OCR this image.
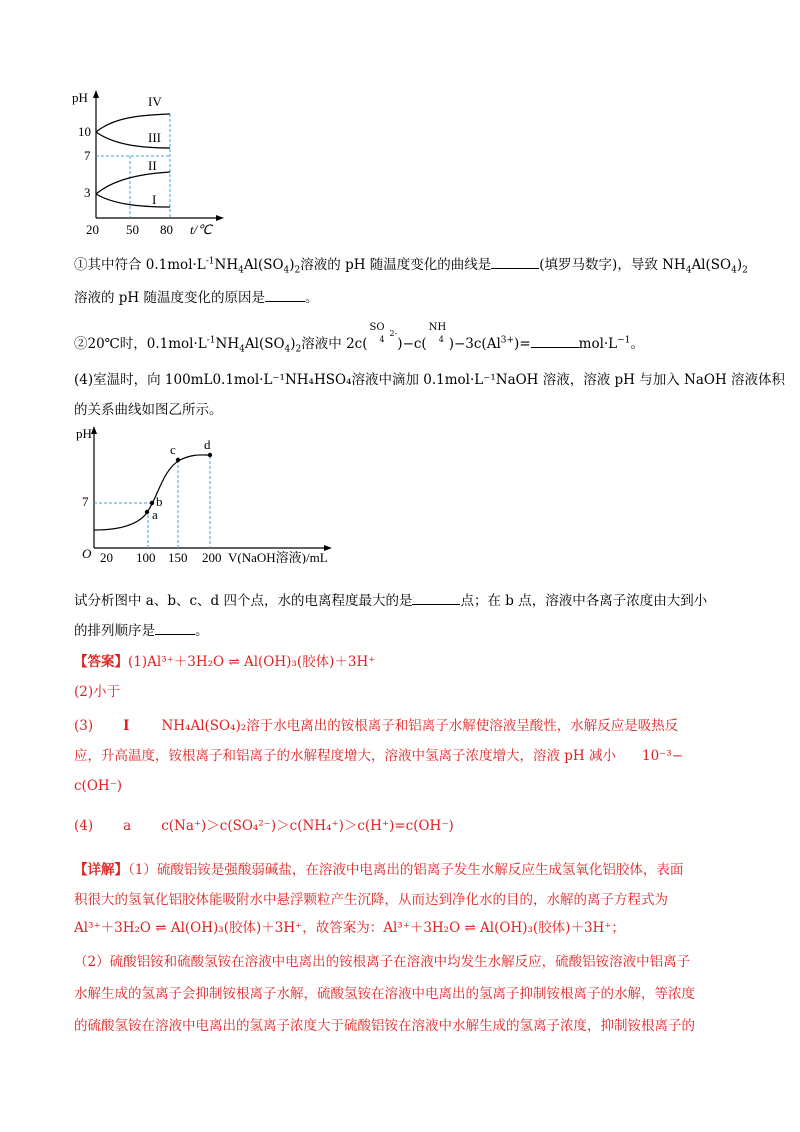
pH
10
7
3
20 50 80 t/℃
IV
III
II
I
①其中符合 $0.1mol\cdot L^{-1}NH_4Al(SO_4)_2$溶液的 pH 随温度变化的曲线是	(填罗马数字)，导致 $NH_4Al(SO_4)_2$
溶液的 pH 随温度变化的原因是	。
②20℃时，$0.1mol\cdot L^{-1}NH_4Al(SO_4)_2$溶液中 2c(
SO
4
$^{2-}$)−c(
NH
4 )$-3c(Al^{3+})=$	$mol\cdot L^{-1}$。
(4)室温时，向 100mL0.1mol·L⁻¹NH₄HSO₄溶液中滴加 0.1mol·L⁻¹NaOH 溶液，溶液 pH 与加入 NaOH 溶液体积
的关系曲线如图乙所示。
pH
7
O 20 100 150 200 V(NaOH溶液)/mL
a
b
c d
试分析图中 a、b、c、d 四个点，水的电离程度最大的是	点；在 b 点，溶液中各离子浓度由大到小
的排列顺序是	。
【答案】(1)Al³⁺＋3H₂O ⇌ Al(OH)₃(胶体)＋3H⁺
(2)小于
(3) I NH₄Al(SO₄)₂溶于水电离出的铵根离子和铝离子水解使溶液呈酸性，水解反应是吸热反
应，升高温度，铵根离子和铝离子的水解程度增大，溶液中氢离子浓度增大，溶液 pH 减小 10⁻³−
c(OH⁻)
(4) a c(Na⁺)＞c(SO₄²⁻)＞c(NH₄⁺)＞c(H⁺)=c(OH⁻)
【详解】（1）硫酸铝铵是强酸弱碱盐，在溶液中电离出的铝离子发生水解反应生成氢氧化铝胶体，表面
积很大的氢氧化铝胶体能吸附水中悬浮颗粒产生沉降，从而达到净化水的目的，水解的离子方程式为
Al³⁺＋3H₂O ⇌ Al(OH)₃(胶体)＋3H⁺，故答案为：Al³⁺＋3H₂O ⇌ Al(OH)₃(胶体)＋3H⁺；
（2）硫酸铝铵和硫酸氢铵在溶液中电离出的铵根离子在溶液中均发生水解反应，硫酸铝铵溶液中铝离子
水解生成的氢离子会抑制铵根离子水解，硫酸氢铵在溶液中电离出的氢离子抑制铵根离子的水解，等浓度
的硫酸氢铵在溶液中电离出的氢离子浓度大于硫酸铝铵在溶液中水解生成的氢离子浓度，抑制铵根离子的
